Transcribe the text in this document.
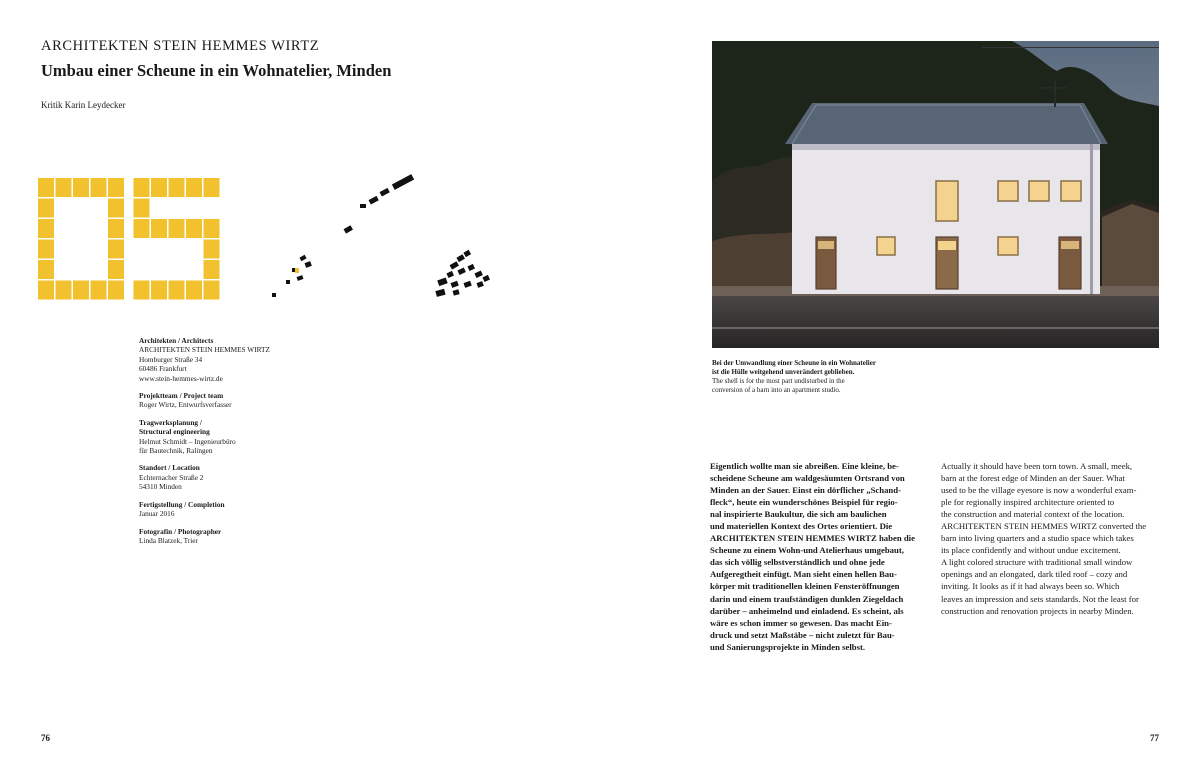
ARCHITEKTEN STEIN HEMMES WIRTZ
Umbau einer Scheune in ein Wohnatelier, Minden

Kritik Karin Leydecker

Architekten / Architects
ARCHITEKTEN STEIN HEMMES WIRTZ
Homburger Straße 34
60486 Frankfurt
www.stein-hemmes-wirtz.de
Projektteam / Project team
Roger Wirtz, Entwurfsverfasser
Tragwerksplanung /
Structural engineering
Helmut Schmidt – Ingenieurbüro
für Bautechnik, Ralingen
Standort / Location
Echternacher Straße 2
54310 Minden
Fertigstellung / Completion
Januar 2016
Fotografin / Photographer
Linda Blatzek, Trier
76
Bei der Umwandlung einer Scheune in ein Wohnatelier
ist die Hülle weitgehend unverändert geblieben.
The shell is for the most part undisturbed in the
conversion of a barn into an apartment studio.
Eigentlich wollte man sie abreißen. Eine kleine, be-
scheidene Scheune am waldgesäumten Ortsrand von
Minden an der Sauer. Einst ein dörflicher „Schand-
fleck“, heute ein wunderschönes Beispiel für regio-
nal inspirierte Baukultur, die sich am baulichen
und materiellen Kontext des Ortes orientiert. Die
ARCHITEKTEN STEIN HEMMES WIRTZ haben die
Scheune zu einem Wohn-und Atelierhaus umgebaut,
das sich völlig selbstverständlich und ohne jede
Aufgeregtheit einfügt. Man sieht einen hellen Bau-
körper mit traditionellen kleinen Fensteröffnungen
darin und einem traufständigen dunklen Ziegeldach
darüber – anheimelnd und einladend. Es scheint, als
wäre es schon immer so gewesen. Das macht Ein-
druck und setzt Maßstäbe – nicht zuletzt für Bau-
und Sanierungsprojekte in Minden selbst.
Actually it should have been torn town. A small, meek,
barn at the forest edge of Minden an der Sauer. What
used to be the village eyesore is now a wonderful exam-
ple for regionally inspired architecture oriented to
the construction and material context of the location.
ARCHITEKTEN STEIN HEMMES WIRTZ converted the
barn into living quarters and a studio space which takes
its place confidently and without undue excitement.
A light colored structure with traditional small window
openings and an elongated, dark tiled roof – cozy and
inviting. It looks as if it had always been so. Which
leaves an impression and sets standards. Not the least for
construction and renovation projects in nearby Minden.
77
